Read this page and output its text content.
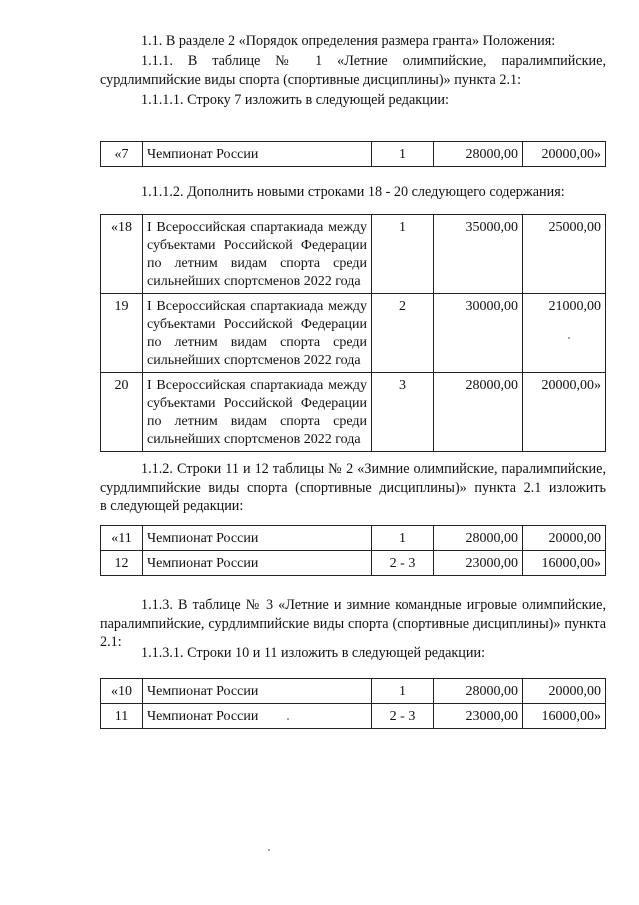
1.1. В разделе 2 «Порядок определения размера гранта» Положения:
1.1.1. В таблице № 1 «Летние олимпийские, паралимпийские,
сурдлимпийские виды спорта (спортивные дисциплины)» пункта 2.1:
1.1.1.1. Строку 7 изложить в следующей редакции:
«7	Чемпионат России	1	28000,00	20000,00»
1.1.1.2. Дополнить новыми строками 18 - 20 следующего содержания:
«18	I Всероссийская спартакиада между субъектами Российской Федерации по летним видам спорта среди сильнейших спортсменов 2022 года	1	35000,00	25000,00
19	I Всероссийская спартакиада между субъектами Российской Федерации по летним видам спорта среди сильнейших спортсменов 2022 года	2	30000,00	21000,00
20	I Всероссийская спартакиада между субъектами Российской Федерации по летним видам спорта среди сильнейших спортсменов 2022 года	3	28000,00	20000,00»
1.1.2. Строки 11 и 12 таблицы № 2 «Зимние олимпийские, паралимпийские,
сурдлимпийские виды спорта (спортивные дисциплины)» пункта 2.1 изложить
в следующей редакции:
«11	Чемпионат России	1	28000,00	20000,00
12	Чемпионат России	2 - 3	23000,00	16000,00»
1.1.3. В таблице № 3 «Летние и зимние командные игровые олимпийские,
паралимпийские, сурдлимпийские виды спорта (спортивные дисциплины)» пункта
2.1:
1.1.3.1. Строки 10 и 11 изложить в следующей редакции:
«10	Чемпионат России	1	28000,00	20000,00
11	Чемпионат России	2 - 3	23000,00	16000,00»
